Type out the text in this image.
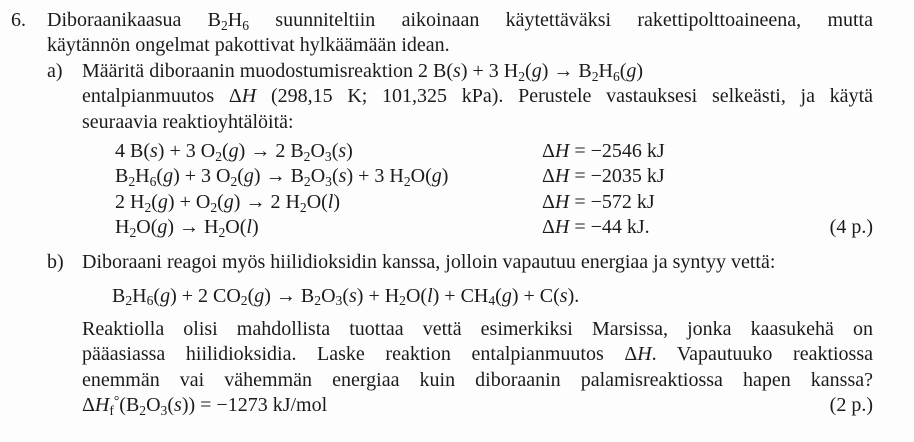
6.	Diboraanikaasua $B_2H_6$ suunniteltiin aikoinaan käytettäväksi rakettipolttoaineena, mutta
käytännön ongelmat pakottivat hylkäämään idean.
a) Määritä diboraanin muodostumisreaktion 2 B(s) + 3 $H_2(g) \to B_2H_6(g)$
entalpianmuutos ΔH (298,15 K; 101,325 kPa). Perustele vastauksesi selkeästi, ja käytä
seuraavia reaktioyhtälöitä:
4 B(s) + 3 $O_2(g) \to 2$ $B_2O_3(s)$	ΔH = −2546 kJ
$B_2H_6(g) + 3$ $O_2(g) \to B_2O_3(s) + 3$ $H_2O(g)$	ΔH = −2035 kJ
2 $H_2(g) + O_2(g) \to 2$ $H_2O(l)$	ΔH = −572 kJ
$H_2O(g) \to H_2O(l)$	ΔH = −44 kJ.	(4 p.)
b) Diboraani reagoi myös hiilidioksidin kanssa, jolloin vapautuu energiaa ja syntyy vettä:
$B_2H_6(g) + 2$ $CO_2(g) \to B_2O_3(s) + H_2O(l) + CH_4(g) + C(s)$.
Reaktiolla olisi mahdollista tuottaa vettä esimerkiksi Marsissa, jonka kaasukehä on
pääasiassa hiilidioksidia. Laske reaktion entalpianmuutos ΔH. Vapautuuko reaktiossa
enemmän vai vähemmän energiaa kuin diboraanin palamisreaktiossa hapen kanssa?
$\Delta H_f^\circ(B_2O_3(s)) = -1273$ kJ/mol	(2 p.)
